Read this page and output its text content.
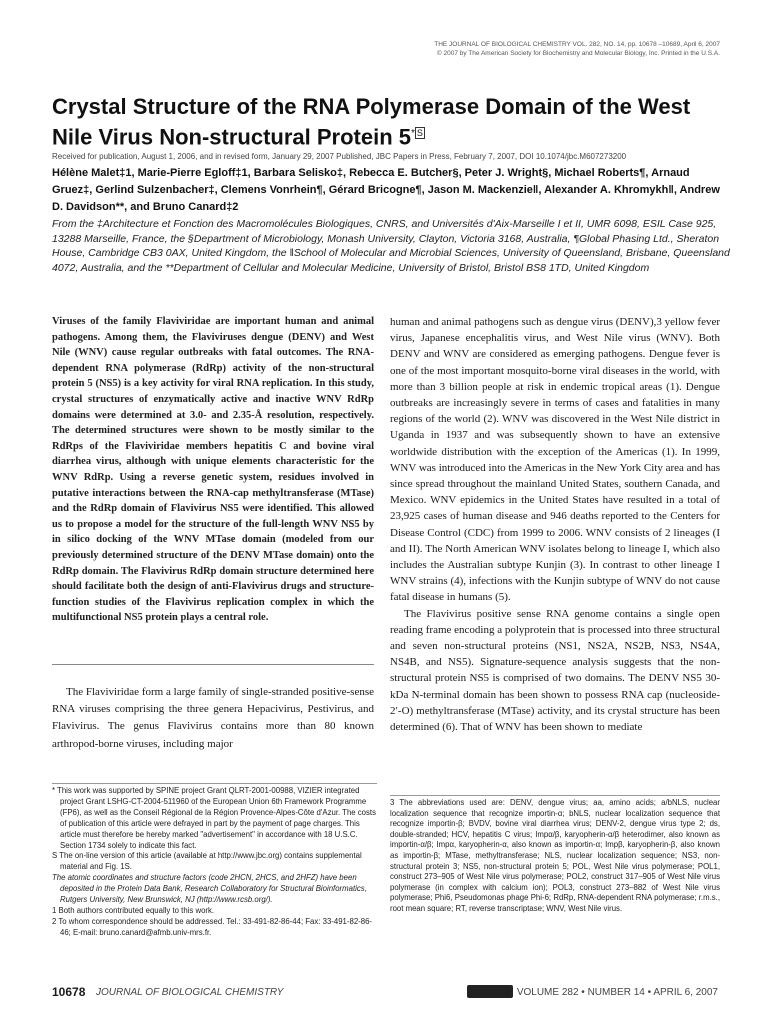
THE JOURNAL OF BIOLOGICAL CHEMISTRY VOL. 282, NO. 14, pp. 10678 –10689, April 6, 2007
© 2007 by The American Society for Biochemistry and Molecular Biology, Inc. Printed in the U.S.A.
Crystal Structure of the RNA Polymerase Domain of the West Nile Virus Non-structural Protein $5^{* S}$
Received for publication, August 1, 2006, and in revised form, January 29, 2007 Published, JBC Papers in Press, February 7, 2007, DOI 10.1074/jbc.M607273200
Hélène Malet‡1, Marie-Pierre Egloff‡1, Barbara Selisko‡, Rebecca E. Butcher§, Peter J. Wright§, Michael Roberts¶, Arnaud Gruez‡, Gerlind Sulzenbacher‡, Clemens Vonrhein¶, Gérard Bricogne¶, Jason M. Mackenzie‖, Alexander A. Khromykh‖, Andrew D. Davidson**, and Bruno Canard‡2
From the ‡Architecture et Fonction des Macromolécules Biologiques, CNRS, and Universités d'Aix-Marseille I et II, UMR 6098, ESIL Case 925, 13288 Marseille, France, the §Department of Microbiology, Monash University, Clayton, Victoria 3168, Australia, ¶Global Phasing Ltd., Sheraton House, Cambridge CB3 0AX, United Kingdom, the ‖School of Molecular and Microbial Sciences, University of Queensland, Brisbane, Queensland 4072, Australia, and the **Department of Cellular and Molecular Medicine, University of Bristol, Bristol BS8 1TD, United Kingdom
Viruses of the family Flaviviridae are important human and animal pathogens. Among them, the Flaviviruses dengue (DENV) and West Nile (WNV) cause regular outbreaks with fatal outcomes. The RNA-dependent RNA polymerase (RdRp) activity of the non-structural protein 5 (NS5) is a key activity for viral RNA replication. In this study, crystal structures of enzymatically active and inactive WNV RdRp domains were determined at 3.0- and 2.35-Å resolution, respectively. The determined structures were shown to be mostly similar to the RdRps of the Flaviviridae members hepatitis C and bovine viral diarrhea virus, although with unique elements characteristic for the WNV RdRp. Using a reverse genetic system, residues involved in putative interactions between the RNA-cap methyltransferase (MTase) and the RdRp domain of Flavivirus NS5 were identified. This allowed us to propose a model for the structure of the full-length WNV NS5 by in silico docking of the WNV MTase domain (modeled from our previously determined structure of the DENV MTase domain) onto the RdRp domain. The Flavivirus RdRp domain structure determined here should facilitate both the design of anti-Flavivirus drugs and structure-function studies of the Flavivirus replication complex in which the multifunctional NS5 protein plays a central role.
The Flaviviridae form a large family of single-stranded positive-sense RNA viruses comprising the three genera Hepacivirus, Pestivirus, and Flavivirus. The genus Flavivirus contains more than 80 known arthropod-borne viruses, including major

human and animal pathogens such as dengue virus (DENV),3 yellow fever virus, Japanese encephalitis virus, and West Nile virus (WNV). Both DENV and WNV are considered as emerging pathogens. Dengue fever is one of the most important mosquito-borne viral diseases in the world, with more than 3 billion people at risk in endemic tropical areas (1). Dengue outbreaks are increasingly severe in terms of cases and fatalities in many regions of the world (2). WNV was discovered in the West Nile district in Uganda in 1937 and was subsequently shown to have an extensive worldwide distribution with the exception of the Americas (1). In 1999, WNV was introduced into the Americas in the New York City area and has since spread throughout the mainland United States, southern Canada, and Mexico. WNV epidemics in the United States have resulted in a total of 23,925 cases of human disease and 946 deaths reported to the Centers for Disease Control (CDC) from 1999 to 2006. WNV consists of 2 lineages (I and II). The North American WNV isolates belong to lineage I, which also includes the Australian subtype Kunjin (3). In contrast to other lineage I WNV strains (4), infections with the Kunjin subtype of WNV do not cause fatal disease in humans (5).

The Flavivirus positive sense RNA genome contains a single open reading frame encoding a polyprotein that is processed into three structural and seven non-structural proteins (NS1, NS2A, NS2B, NS3, NS4A, NS4B, and NS5). Signature-sequence analysis suggests that the non-structural protein NS5 is comprised of two domains. The DENV NS5 30-kDa N-terminal domain has been shown to possess RNA cap (nucleoside-2′-O) methyltransferase (MTase) activity, and its crystal structure has been determined (6). That of WNV has been shown to mediate

* This work was supported by SPINE project Grant QLRT-2001-00988, VIZIER integrated project Grant LSHG-CT-2004-511960 of the European Union 6th Framework Programme (FP6), as well as the Conseil Régional de la Région Provence-Alpes-Côte d'Azur. The costs of publication of this article were defrayed in part by the payment of page charges. This article must therefore be hereby marked "advertisement" in accordance with 18 U.S.C. Section 1734 solely to indicate this fact.

S The on-line version of this article (available at http://www.jbc.org) contains supplemental material and Fig. 1S.

The atomic coordinates and structure factors (code 2HCN, 2HCS, and 2HFZ) have been deposited in the Protein Data Bank, Research Collaboratory for Structural Bioinformatics, Rutgers University, New Brunswick, NJ (http://www.rcsb.org/).

1 Both authors contributed equally to this work.

2 To whom correspondence should be addressed. Tel.: 33-491-82-86-44; Fax: 33-491-82-86-46; E-mail: bruno.canard@afmb.univ-mrs.fr.

3 The abbreviations used are: DENV, dengue virus; aa, amino acids; a/bNLS, nuclear localization sequence that recognize importin-α; bNLS, nuclear localization sequence that recognize importin-β; BVDV, bovine viral diarrhea virus; DENV-2, dengue virus type 2; ds, double-stranded; HCV, hepatitis C virus; Impα/β, karyopherin-α/β heterodimer, also known as importin-α/β; Impα, karyopherin-α, also known as importin-α; Impβ, karyopherin-β, also known as importin-β; MTase, methyltransferase; NLS, nuclear localization sequence; NS3, non-structural protein 3; NS5, non-structural protein 5; POL, West Nile virus polymerase; POL1, construct 273–905 of West Nile virus polymerase; POL2, construct 317–905 of West Nile virus polymerase (in complex with calcium ion); POL3, construct 273–882 of West Nile virus polymerase; Phi6, Pseudomonas phage Phi-6; RdRp, RNA-dependent RNA polymerase; r.m.s., root mean square; RT, reverse transcriptase; WNV, West Nile virus.
10678 JOURNAL OF BIOLOGICAL CHEMISTRY	VOLUME 282 • NUMBER 14 • APRIL 6, 2007
